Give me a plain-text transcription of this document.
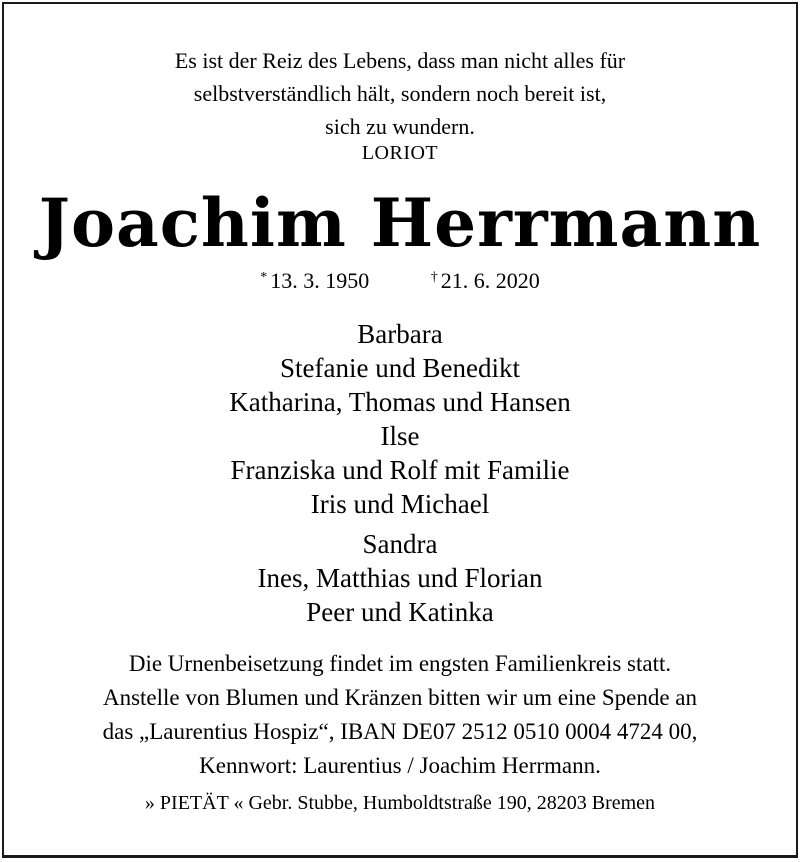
Es ist der Reiz des Lebens, dass man nicht alles für
selbstverständlich hält, sondern noch bereit ist,
sich zu wundern.
LORIOT
Joachim Herrmann
* 13. 3. 1950	† 21. 6. 2020
Barbara
Stefanie und Benedikt
Katharina, Thomas und Hansen
Ilse
Franziska und Rolf mit Familie
Iris und Michael
Sandra
Ines, Matthias und Florian
Peer und Katinka
Die Urnenbeisetzung findet im engsten Familienkreis statt.
Anstelle von Blumen und Kränzen bitten wir um eine Spende an
das „Laurentius Hospiz“, IBAN DE07 2512 0510 0004 4724 00,
Kennwort: Laurentius / Joachim Herrmann.
» PIETÄT « Gebr. Stubbe, Humboldtstraße 190, 28203 Bremen
